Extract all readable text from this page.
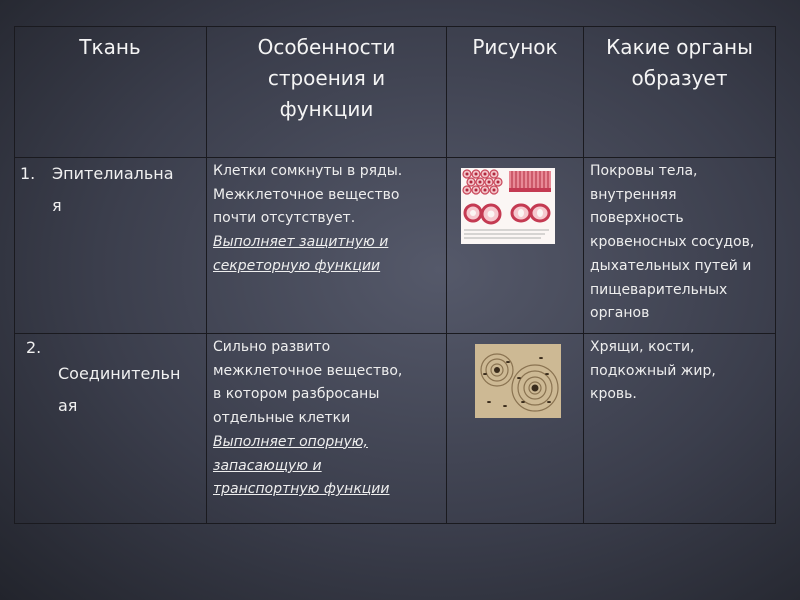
Ткань	Особенности
строения и
функции
Рисунок	Какие органы
образует
1. Эпителиальна
я
Клетки сомкнуты в ряды.
Межклеточное вещество
почти отсутствует.
Выполняет защитную и
секреторную функции
Покровы тела,
внутренняя
поверхность
кровеносных сосудов,
дыхательных путей и
пищеварительных
органов
2.
Соединительн
ая
Сильно развито
межклеточное вещество,
в котором разбросаны
отдельные клетки
Выполняет опорную,
запасающую и
транспортную функции
Хрящи, кости,
подкожный жир,
кровь.
